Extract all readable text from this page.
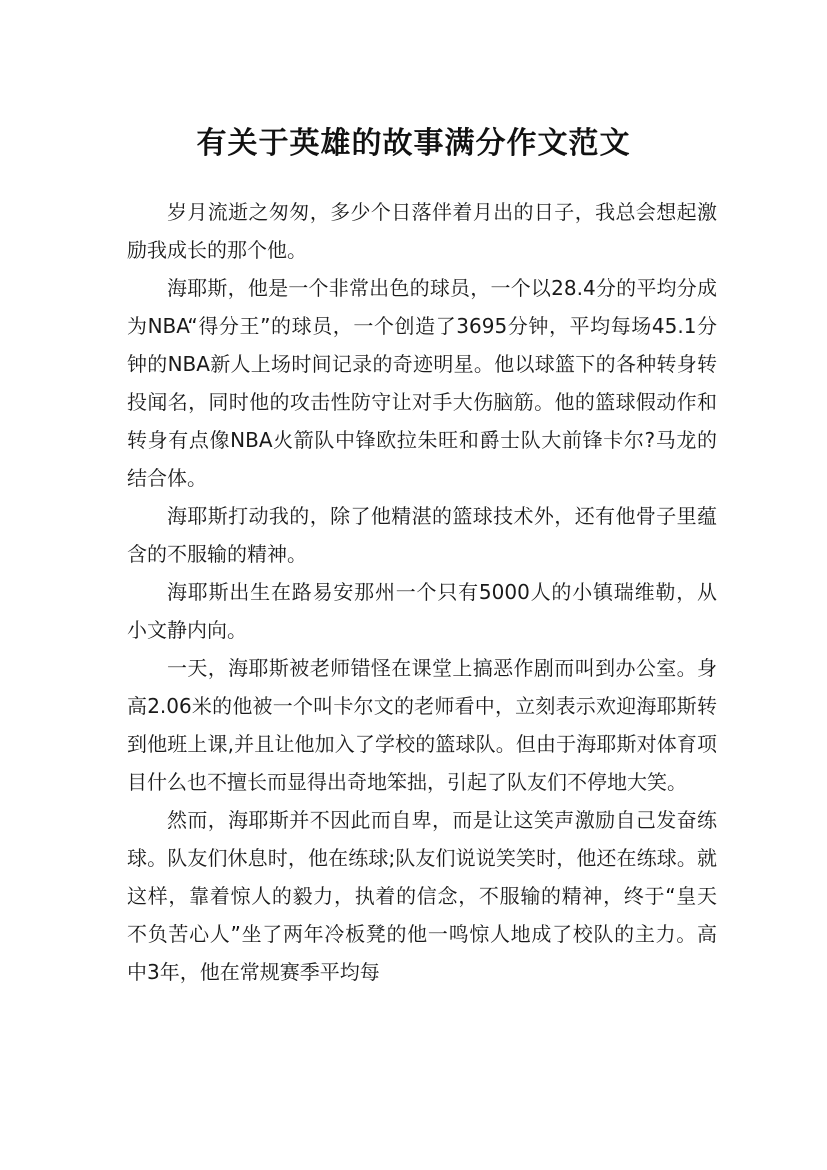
有关于英雄的故事满分作文范文

岁月流逝之匆匆，多少个日落伴着月出的日子，我总会想起激励我成长的那个他。

海耶斯，他是一个非常出色的球员，一个以28.4分的平均分成为NBA“得分王”的球员，一个创造了3695分钟，平均每场45.1分钟的NBA新人上场时间记录的奇迹明星。他以球篮下的各种转身转投闻名，同时他的攻击性防守让对手大伤脑筋。他的篮球假动作和转身有点像NBA火箭队中锋欧拉朱旺和爵士队大前锋卡尔?马龙的结合体。

海耶斯打动我的，除了他精湛的篮球技术外，还有他骨子里蕴含的不服输的精神。

海耶斯出生在路易安那州一个只有5000人的小镇瑞维勒，从小文静内向。

一天，海耶斯被老师错怪在课堂上搞恶作剧而叫到办公室。身高2.06米的他被一个叫卡尔文的老师看中，立刻表示欢迎海耶斯转到他班上课,并且让他加入了学校的篮球队。但由于海耶斯对体育项目什么也不擅长而显得出奇地笨拙，引起了队友们不停地大笑。

然而，海耶斯并不因此而自卑，而是让这笑声激励自己发奋练球。队友们休息时，他在练球;队友们说说笑笑时，他还在练球。就这样，靠着惊人的毅力，执着的信念，不服输的精神，终于“皇天不负苦心人”坐了两年冷板凳的他一鸣惊人地成了校队的主力。高中3年，他在常规赛季平均每
